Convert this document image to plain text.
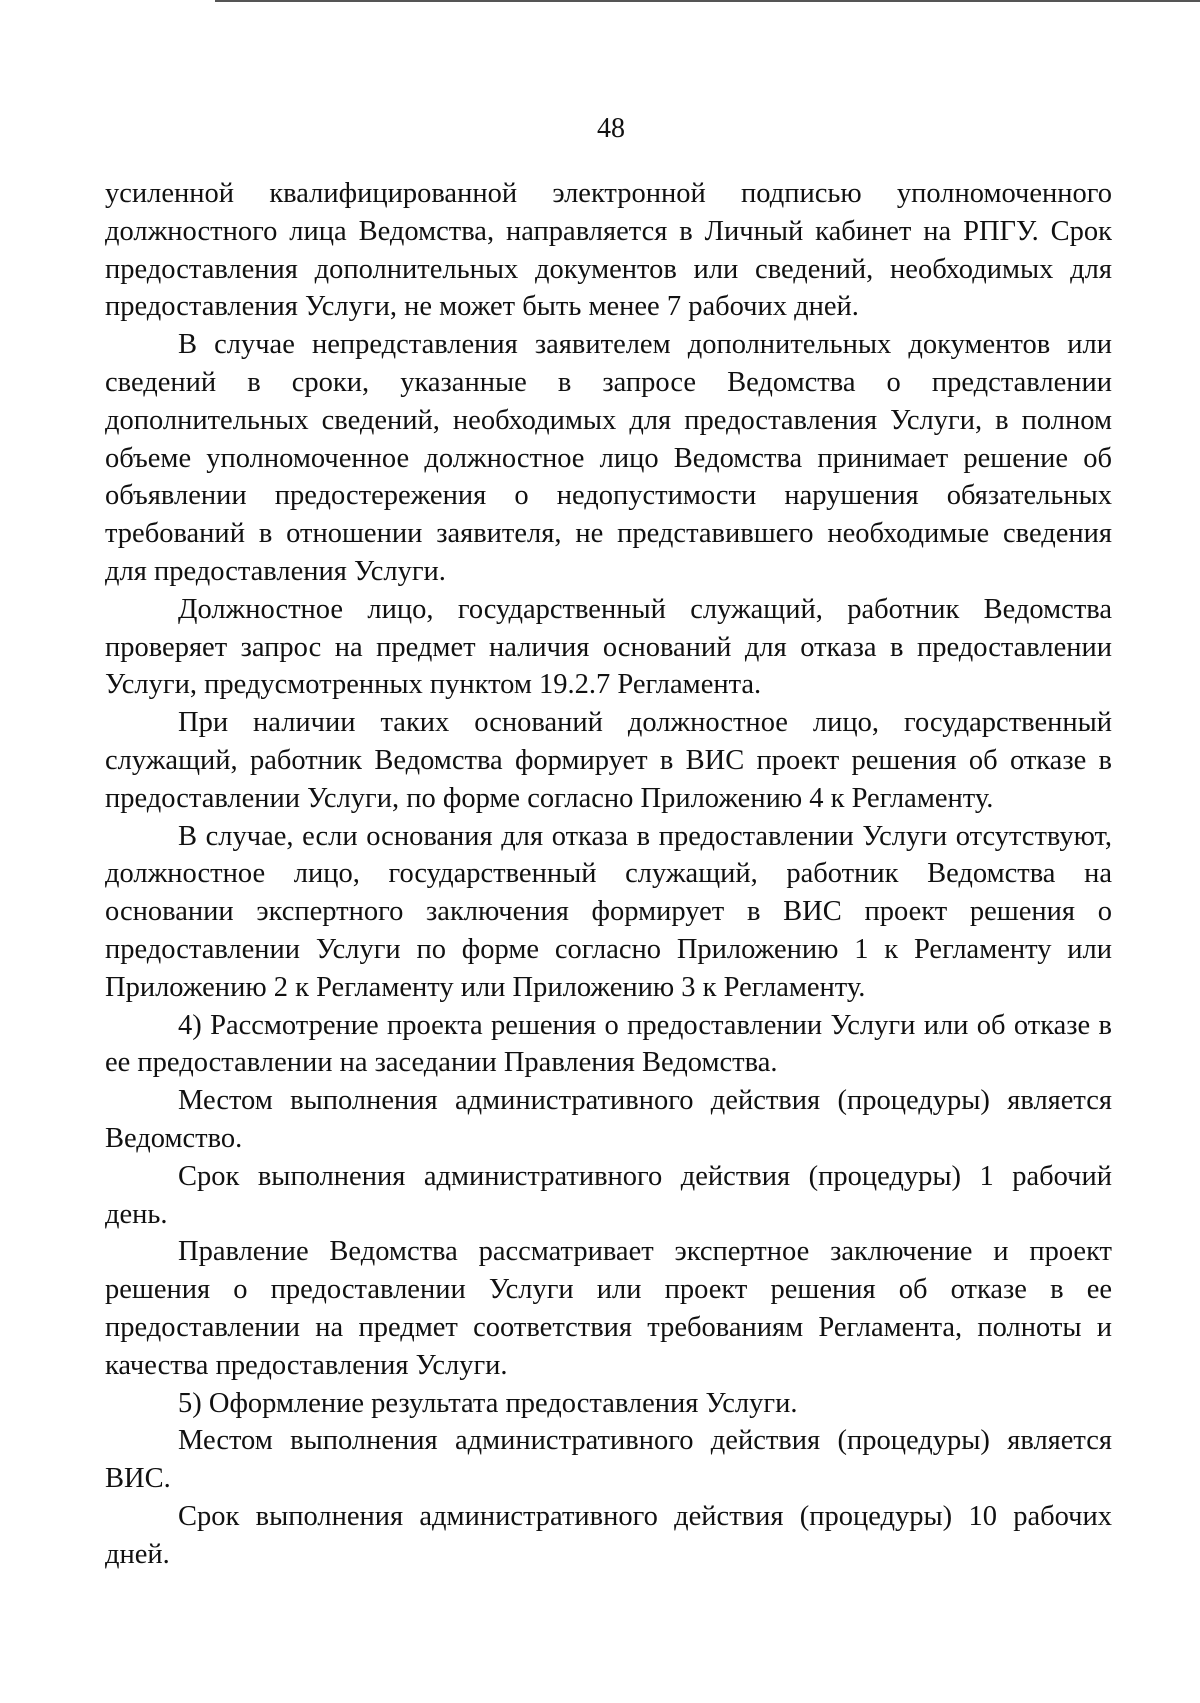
48

усиленной квалифицированной электронной подписью уполномоченного должностного лица Ведомства, направляется в Личный кабинет на РПГУ. Срок предоставления дополнительных документов или сведений, необходимых для предоставления Услуги, не может быть менее 7 рабочих дней.

В случае непредставления заявителем дополнительных документов или сведений в сроки, указанные в запросе Ведомства о представлении дополнительных сведений, необходимых для предоставления Услуги, в полном объеме уполномоченное должностное лицо Ведомства принимает решение об объявлении предостережения о недопустимости нарушения обязательных требований в отношении заявителя, не представившего необходимые сведения для предоставления Услуги.

Должностное лицо, государственный служащий, работник Ведомства проверяет запрос на предмет наличия оснований для отказа в предоставлении Услуги, предусмотренных пунктом 19.2.7 Регламента.

При наличии таких оснований должностное лицо, государственный служащий, работник Ведомства формирует в ВИС проект решения об отказе в предоставлении Услуги, по форме согласно Приложению 4 к Регламенту.

В случае, если основания для отказа в предоставлении Услуги отсутствуют, должностное лицо, государственный служащий, работник Ведомства на основании экспертного заключения формирует в ВИС проект решения о предоставлении Услуги по форме согласно Приложению 1 к Регламенту или Приложению 2 к Регламенту или Приложению 3 к Регламенту.

4) Рассмотрение проекта решения о предоставлении Услуги или об отказе в ее предоставлении на заседании Правления Ведомства.

Местом выполнения административного действия (процедуры) является Ведомство.

Срок выполнения административного действия (процедуры) 1 рабочий день.

Правление Ведомства рассматривает экспертное заключение и проект решения о предоставлении Услуги или проект решения об отказе в ее предоставлении на предмет соответствия требованиям Регламента, полноты и качества предоставления Услуги.

5) Оформление результата предоставления Услуги.

Местом выполнения административного действия (процедуры) является ВИС.

Срок выполнения административного действия (процедуры) 10 рабочих дней.
